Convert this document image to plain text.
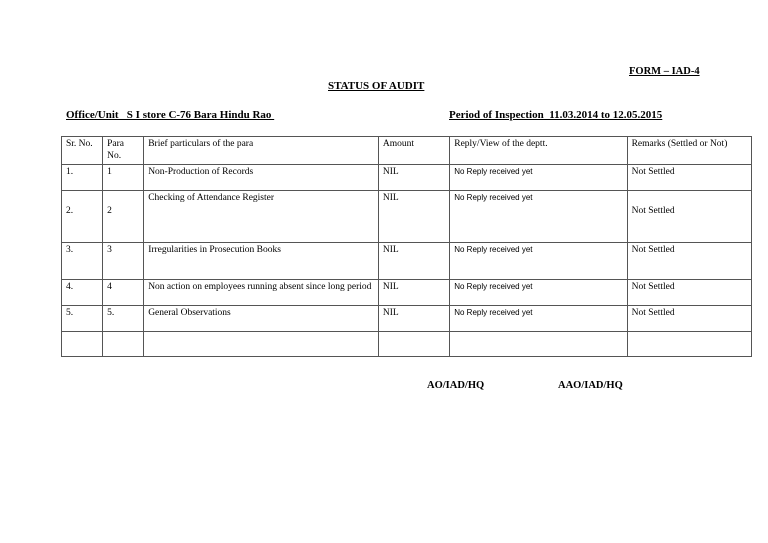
FORM – IAD-4
STATUS OF AUDIT
Office/Unit   S I store C-76 Bara Hindu Rao	Period of Inspection  11.03.2014 to 12.05.2015
Sr. No.	Para No.	Brief particulars of the para	Amount	Reply/View of the deptt.	Remarks (Settled or Not)
1.	1	Non-Production of Records	NIL	No Reply received yet	Not Settled
2.	2	Checking of Attendance Register	NIL	No Reply received yet	Not Settled
3.	3	Irregularities in Prosecution Books	NIL	No Reply received yet	Not Settled
4.	4	Non action on employees running absent since long period	NIL	No Reply received yet	Not Settled
5.	5.	General Observations	NIL	No Reply received yet	Not Settled

AO/IAD/HQ	AAO/IAD/HQ
